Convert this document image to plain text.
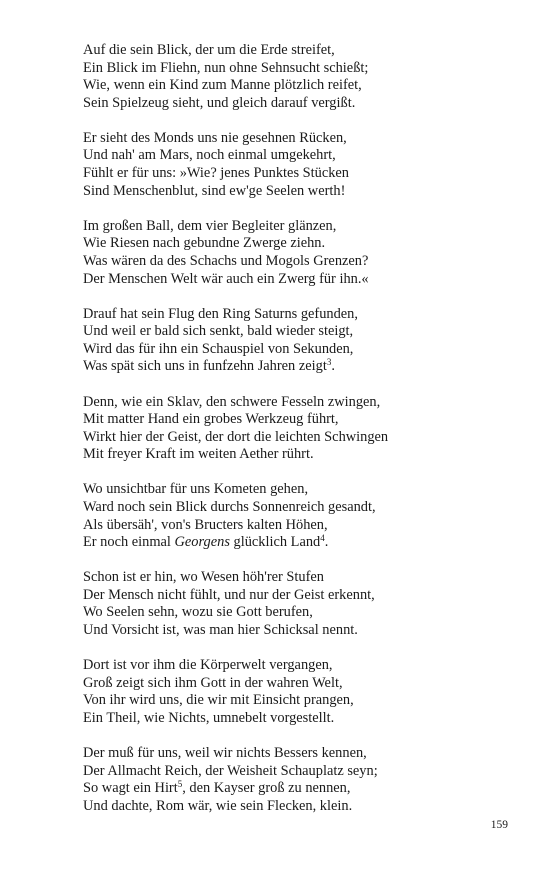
Auf die sein Blick, der um die Erde streifet,
Ein Blick im Fliehn, nun ohne Sehnsucht schießt;
Wie, wenn ein Kind zum Manne plötzlich reifet,
Sein Spielzeug sieht, und gleich darauf vergißt.
Er sieht des Monds uns nie gesehnen Rücken,
Und nah' am Mars, noch einmal umgekehrt,
Fühlt er für uns: »Wie? jenes Punktes Stücken
Sind Menschenblut, sind ew'ge Seelen werth!
Im großen Ball, dem vier Begleiter glänzen,
Wie Riesen nach gebundne Zwerge ziehn.
Was wären da des Schachs und Mogols Grenzen?
Der Menschen Welt wär auch ein Zwerg für ihn.«
Drauf hat sein Flug den Ring Saturns gefunden,
Und weil er bald sich senkt, bald wieder steigt,
Wird das für ihn ein Schauspiel von Sekunden,
Was spät sich uns in funfzehn Jahren zeigt$^3$.
Denn, wie ein Sklav, den schwere Fesseln zwingen,
Mit matter Hand ein grobes Werkzeug führt,
Wirkt hier der Geist, der dort die leichten Schwingen
Mit freyer Kraft im weiten Aether rührt.
Wo unsichtbar für uns Kometen gehen,
Ward noch sein Blick durchs Sonnenreich gesandt,
Als übersäh', von's Bructers kalten Höhen,
Er noch einmal Georgens glücklich Land$^4$.
Schon ist er hin, wo Wesen höh'rer Stufen
Der Mensch nicht fühlt, und nur der Geist erkennt,
Wo Seelen sehn, wozu sie Gott berufen,
Und Vorsicht ist, was man hier Schicksal nennt.
Dort ist vor ihm die Körperwelt vergangen,
Groß zeigt sich ihm Gott in der wahren Welt,
Von ihr wird uns, die wir mit Einsicht prangen,
Ein Theil, wie Nichts, umnebelt vorgestellt.
Der muß für uns, weil wir nichts Bessers kennen,
Der Allmacht Reich, der Weisheit Schauplatz seyn;
So wagt ein Hirt$^5$, den Kayser groß zu nennen,
Und dachte, Rom wär, wie sein Flecken, klein.
159
